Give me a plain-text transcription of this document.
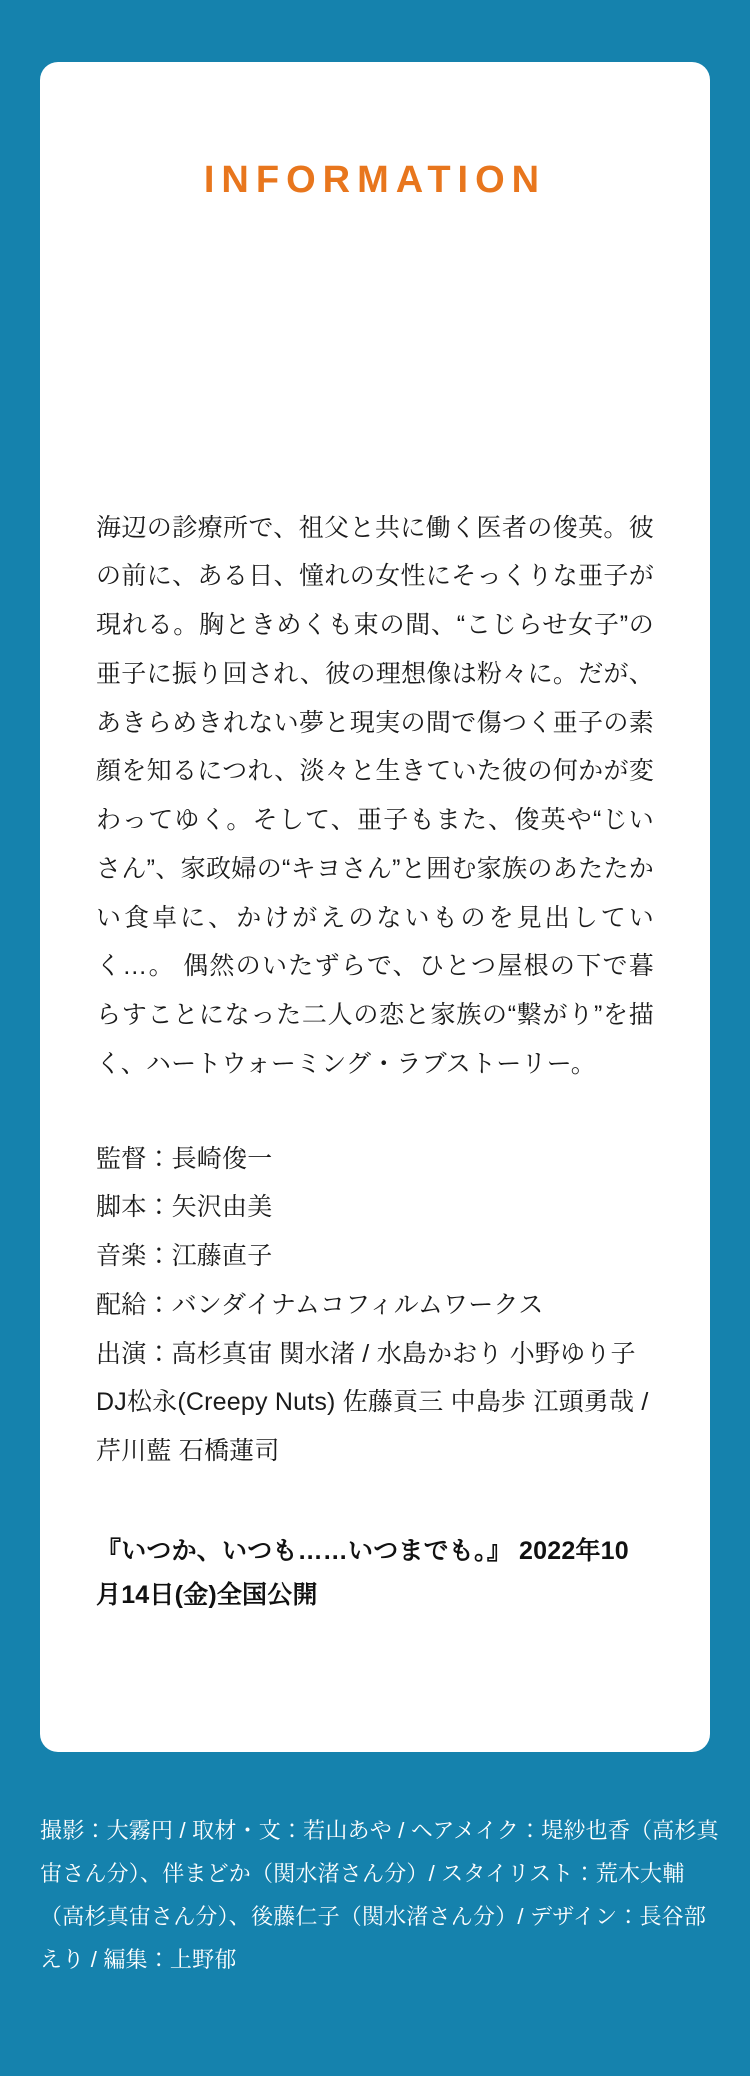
INFORMATION

海辺の診療所で、祖父と共に働く医者の俊英。彼の前に、ある日、憧れの女性にそっくりな亜子が現れる。胸ときめくも束の間、“こじらせ女子”の亜子に振り回され、彼の理想像は粉々に。だが、あきらめきれない夢と現実の間で傷つく亜子の素顔を知るにつれ、淡々と生きていた彼の何かが変わってゆく。そして、亜子もまた、俊英や“じいさん”、家政婦の“キヨさん”と囲む家族のあたたかい食卓に、かけがえのないものを見出していく…。 偶然のいたずらで、ひとつ屋根の下で暮らすことになった二人の恋と家族の“繋がり”を描く、ハートウォーミング・ラブストーリー。

監督：長崎俊一
脚本：矢沢由美
音楽：江藤直子
配給：バンダイナムコフィルムワークス
出演：高杉真宙 関水渚 / 水島かおり 小野ゆり子 DJ松永(Creepy Nuts) 佐藤貢三 中島歩 江頭勇哉 / 芹川藍 石橋蓮司

『いつか、いつも……いつまでも。』 2022年10月14日(金)全国公開

撮影：大霧円 / 取材・文：若山あや / ヘアメイク：堤紗也香（高杉真宙さん分）、伴まどか（関水渚さん分）/ スタイリスト：荒木大輔（高杉真宙さん分）、後藤仁子（関水渚さん分）/ デザイン：長谷部えり / 編集：上野郁
